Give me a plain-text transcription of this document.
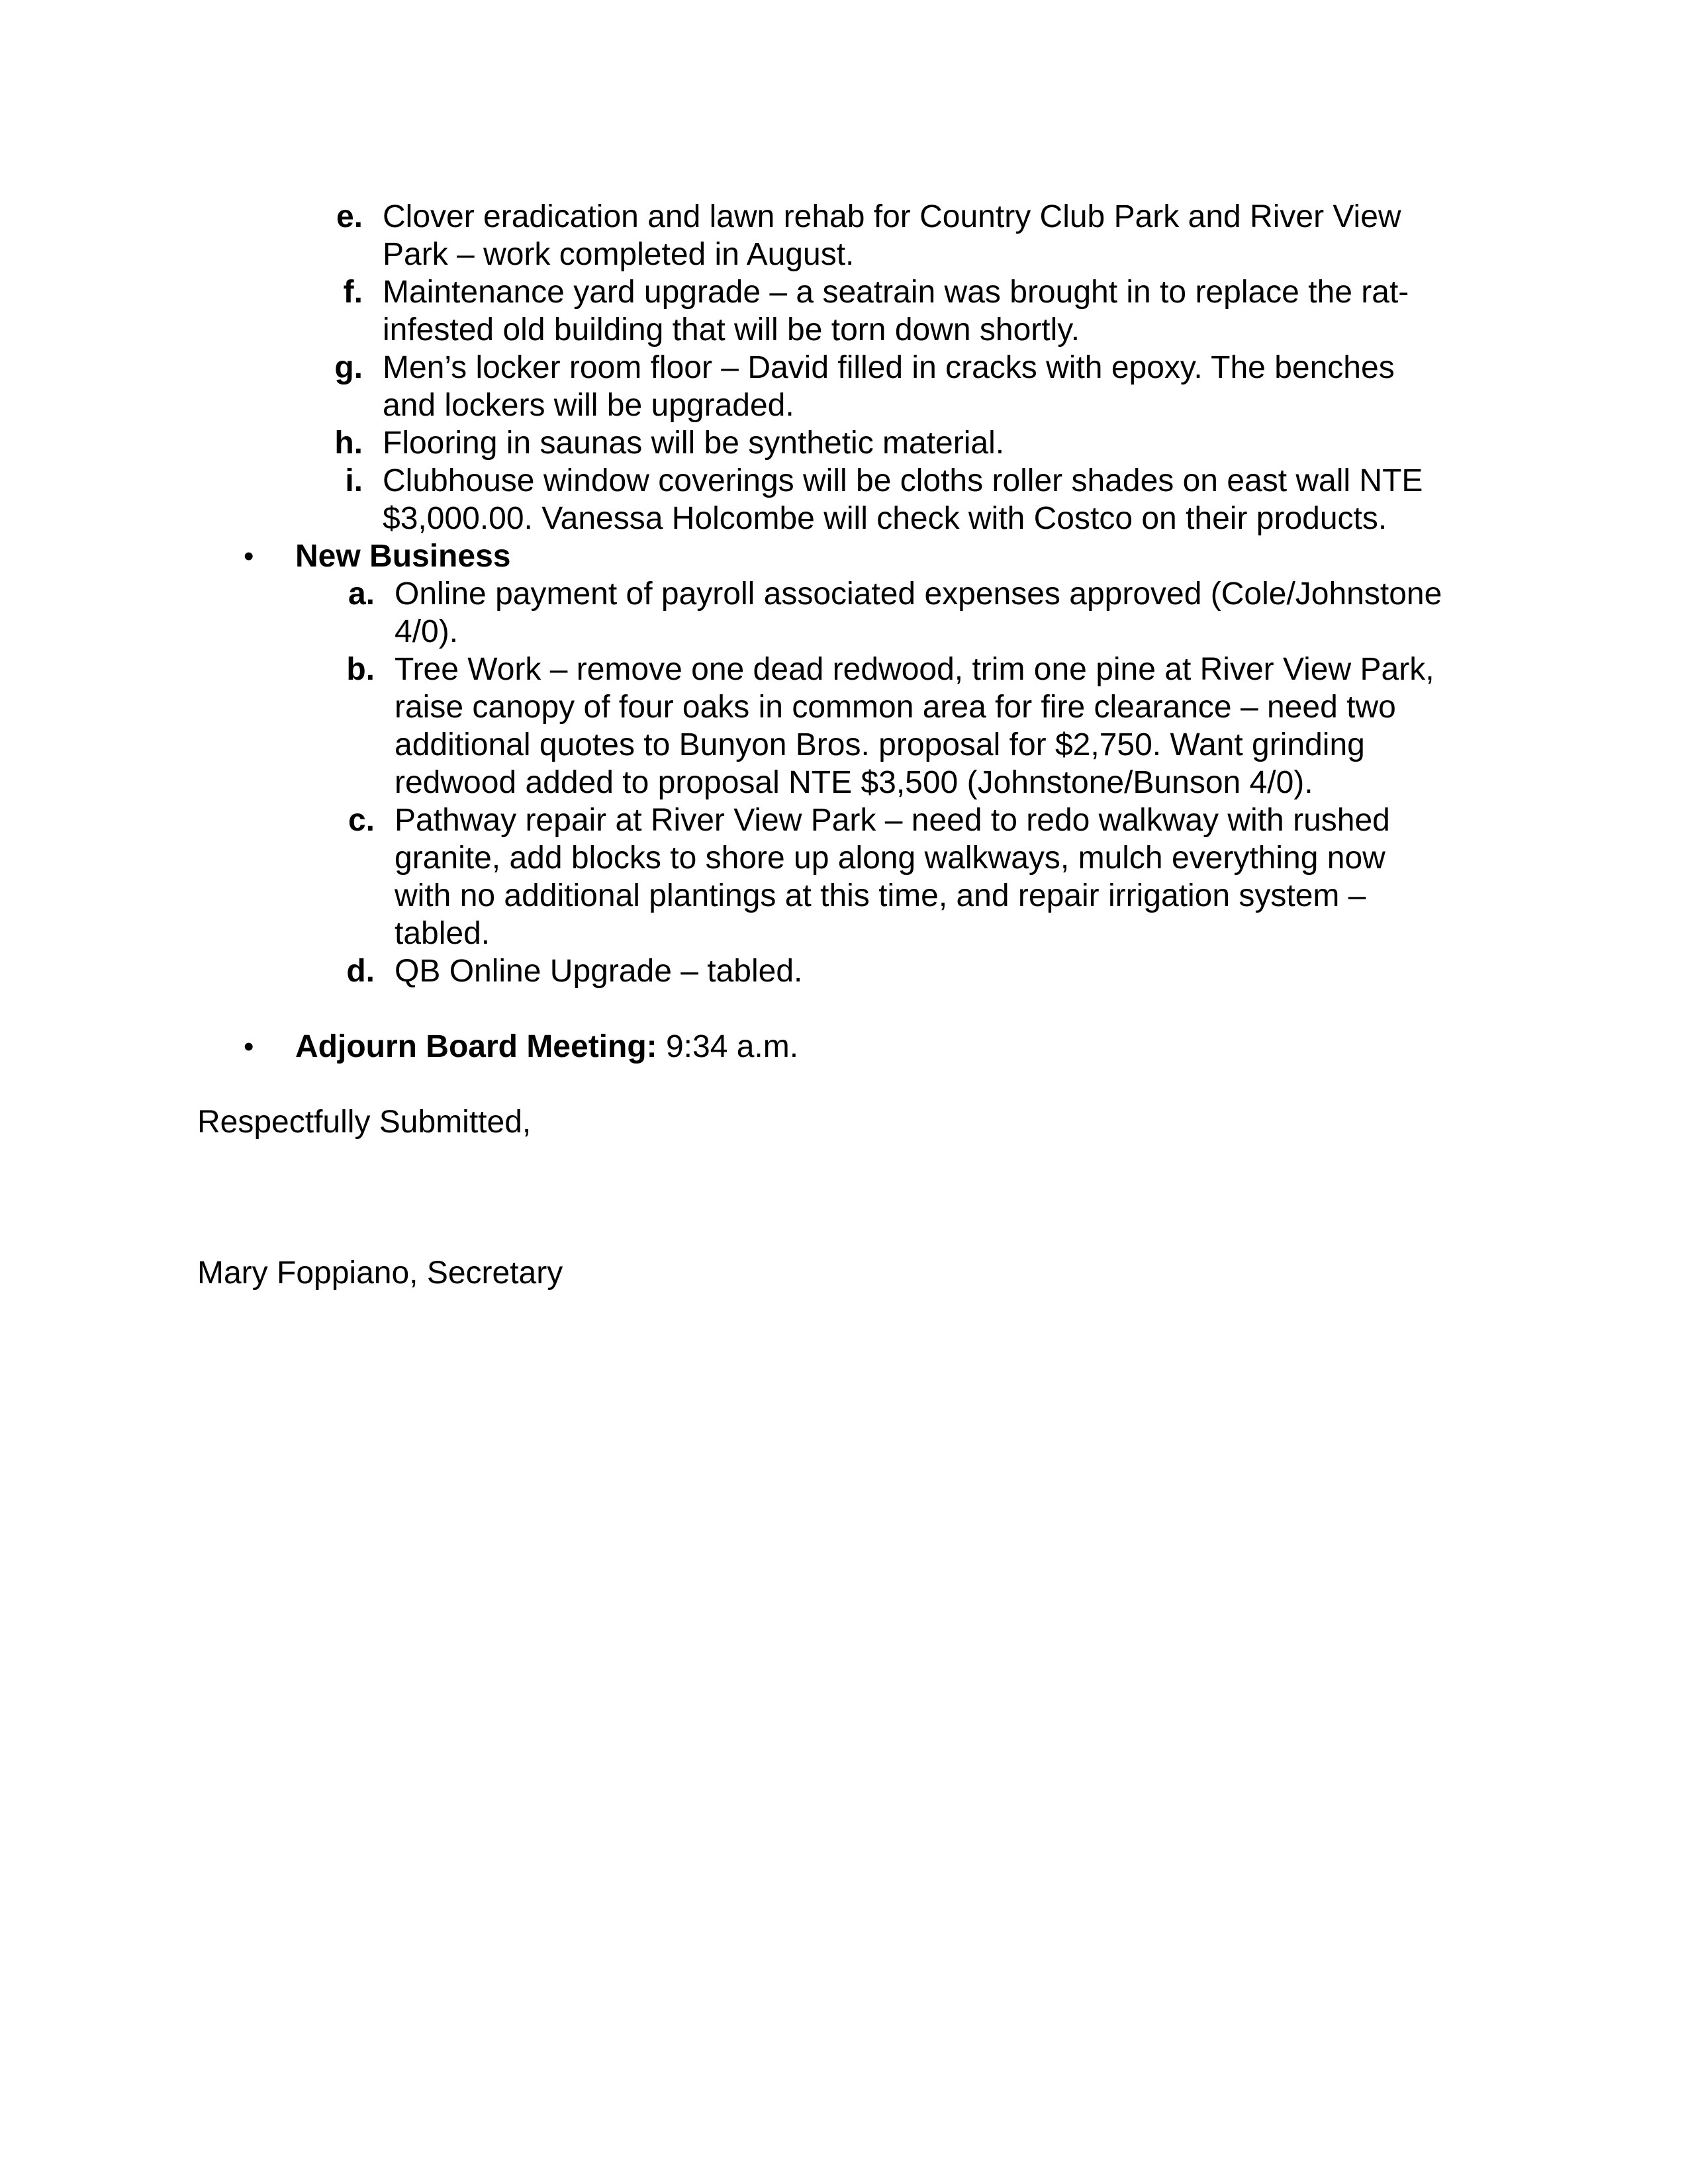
e. Clover eradication and lawn rehab for Country Club Park and River View
Park – work completed in August.
f. Maintenance yard upgrade – a seatrain was brought in to replace the rat-
infested old building that will be torn down shortly.
g. Men’s locker room floor – David filled in cracks with epoxy. The benches
and lockers will be upgraded.
h. Flooring in saunas will be synthetic material.
i. Clubhouse window coverings will be cloths roller shades on east wall NTE
$3,000.00. Vanessa Holcombe will check with Costco on their products.
• New Business
a. Online payment of payroll associated expenses approved (Cole/Johnstone
4/0).
b. Tree Work – remove one dead redwood, trim one pine at River View Park,
raise canopy of four oaks in common area for fire clearance – need two
additional quotes to Bunyon Bros. proposal for $2,750. Want grinding
redwood added to proposal NTE $3,500 (Johnstone/Bunson 4/0).
c. Pathway repair at River View Park – need to redo walkway with rushed
granite, add blocks to shore up along walkways, mulch everything now
with no additional plantings at this time, and repair irrigation system –
tabled.
d. QB Online Upgrade – tabled.
• Adjourn Board Meeting: 9:34 a.m.
Respectfully Submitted,
Mary Foppiano, Secretary
